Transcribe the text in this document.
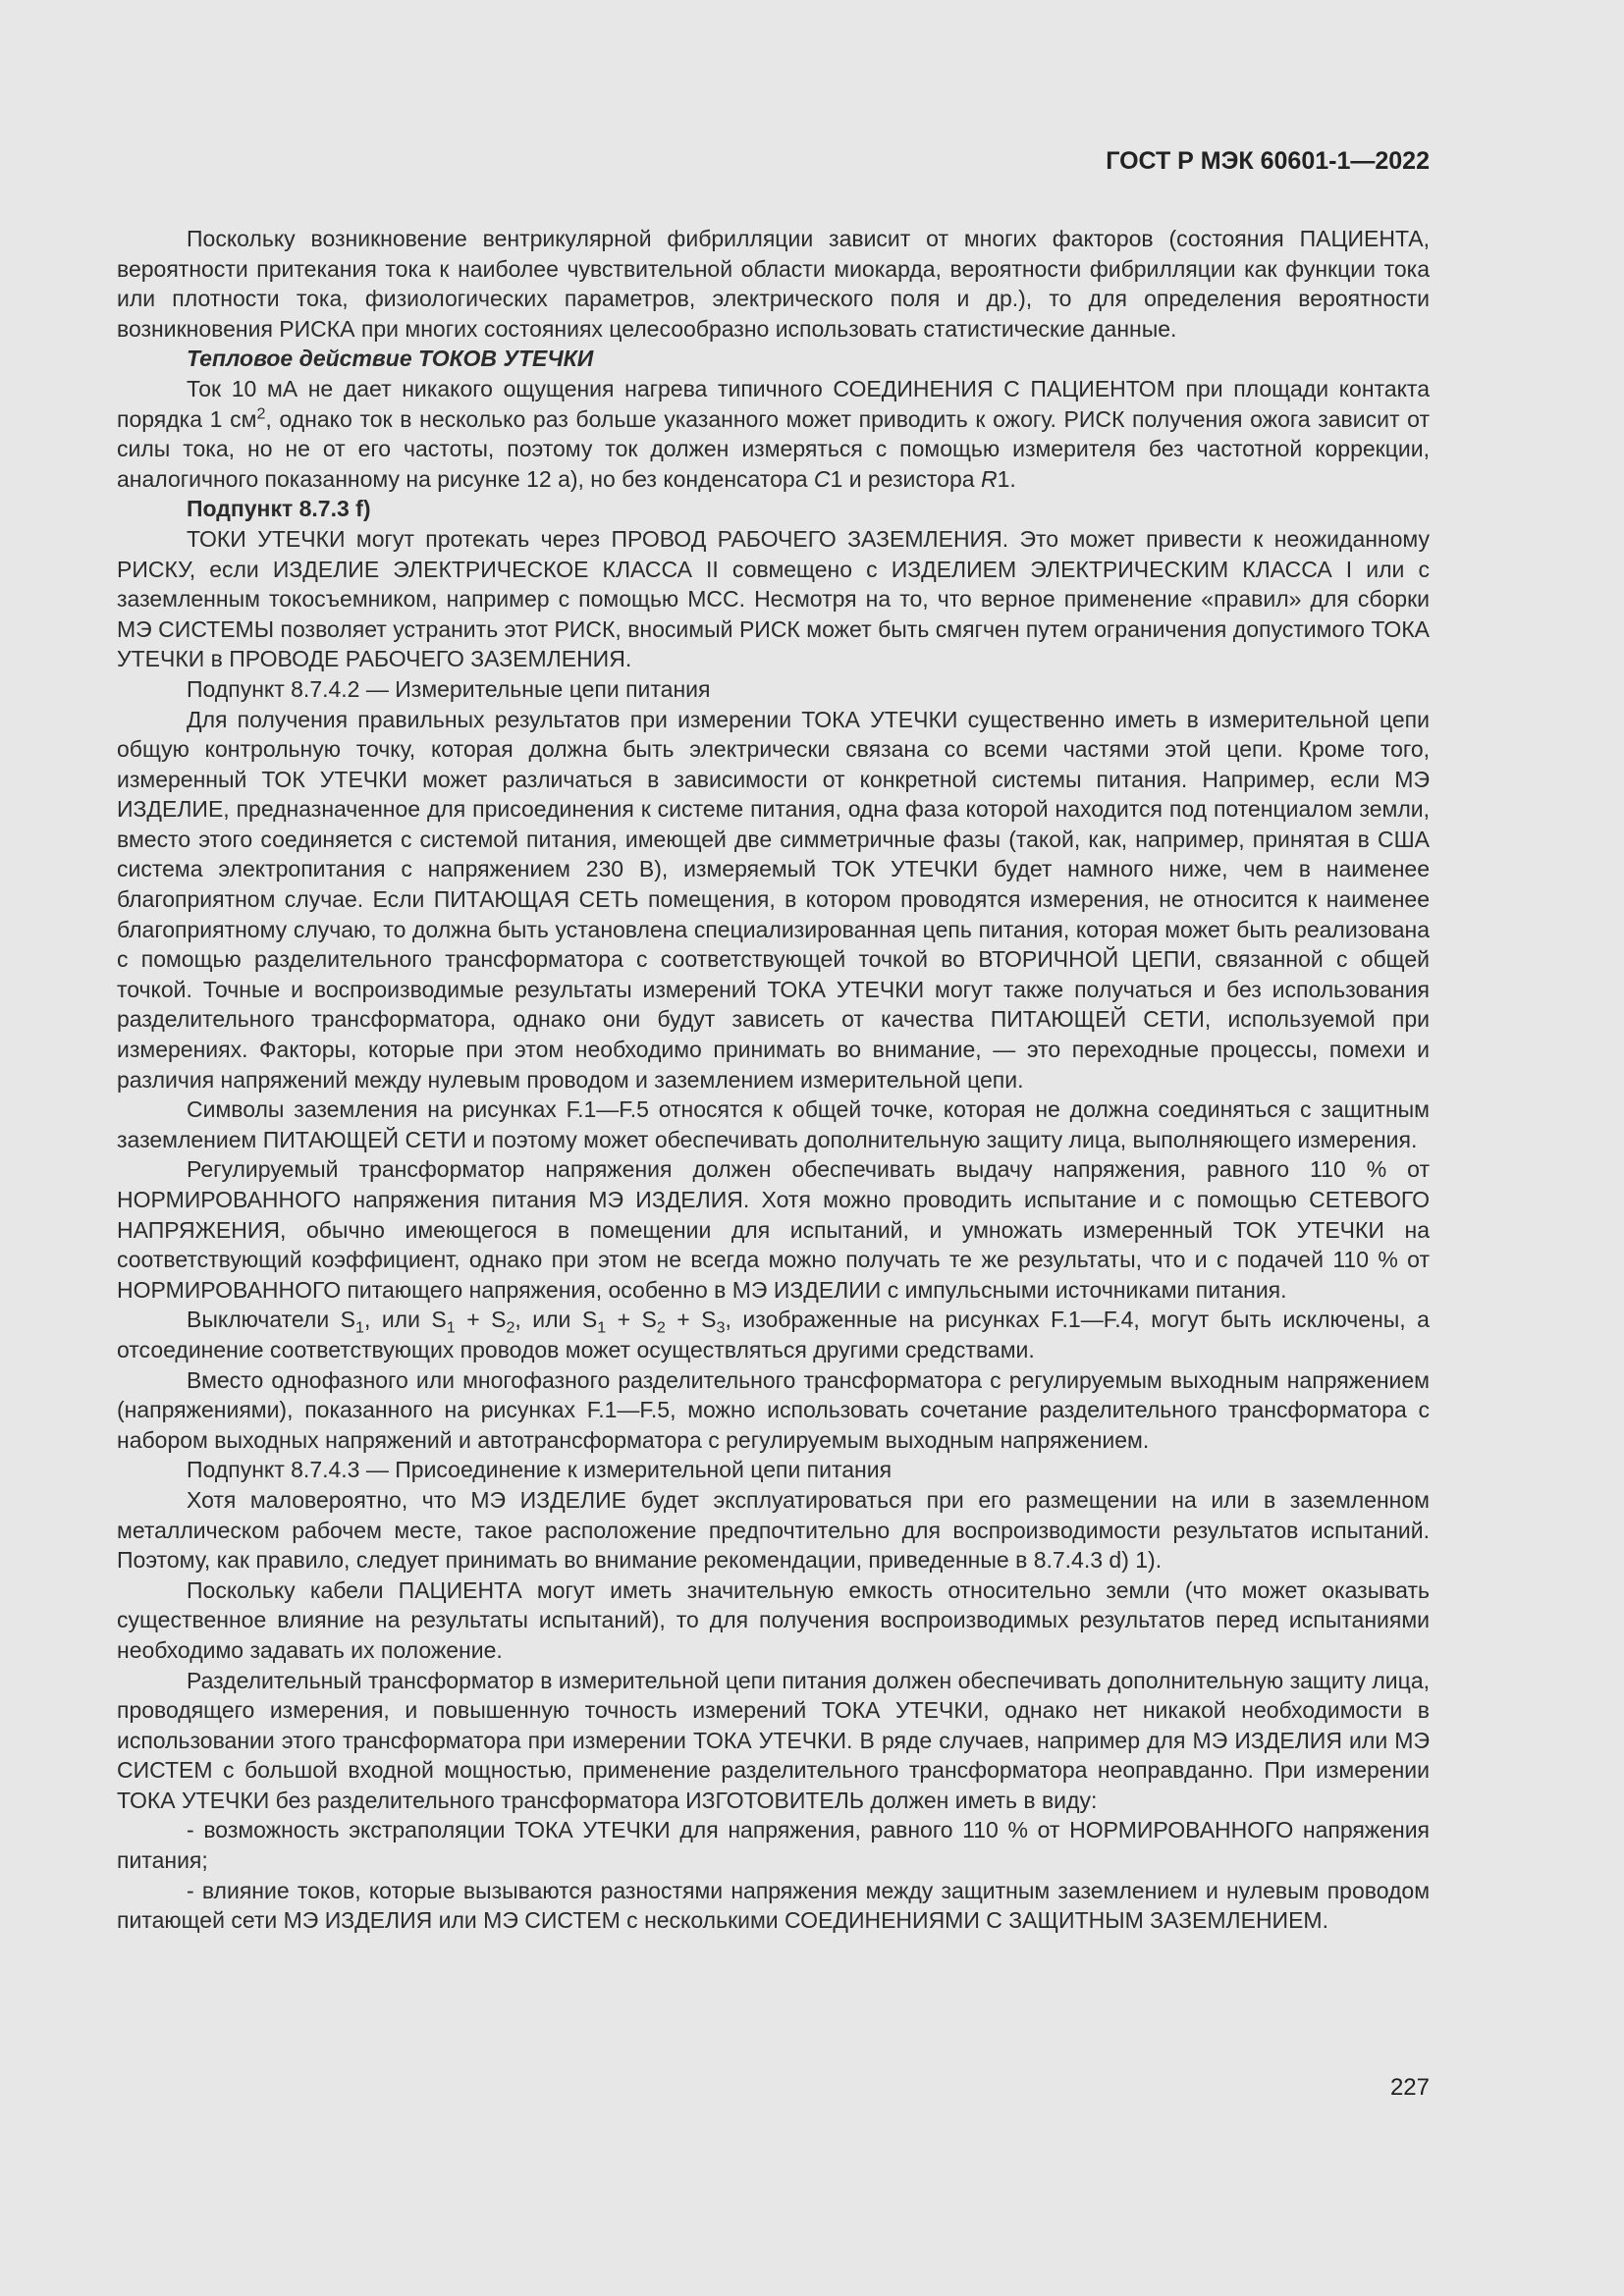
ГОСТ Р МЭК 60601-1—2022

Поскольку возникновение вентрикулярной фибрилляции зависит от многих факторов (состояния ПАЦИЕНТА, вероятности притекания тока к наиболее чувствительной области миокарда, вероятности фибрилляции как функции тока или плотности тока, физиологических параметров, электрического поля и др.), то для определения вероятности возникновения РИСКА при многих состояниях целесообразно использовать статистические данные.

Тепловое действие ТОКОВ УТЕЧКИ

Ток 10 мА не дает никакого ощущения нагрева типичного СОЕДИНЕНИЯ С ПАЦИЕНТОМ при площади контакта порядка 1 $см^2$, однако ток в несколько раз больше указанного может приводить к ожогу. РИСК получения ожога зависит от силы тока, но не от его частоты, поэтому ток должен измеряться с помощью измерителя без частотной коррекции, аналогичного показанному на рисунке 12 a), но без конденсатора С1 и резистора R1.

Подпункт 8.7.3 f)

ТОКИ УТЕЧКИ могут протекать через ПРОВОД РАБОЧЕГО ЗАЗЕМЛЕНИЯ. Это может привести к неожиданному РИСКУ, если ИЗДЕЛИЕ ЭЛЕКТРИЧЕСКОЕ КЛАССА II совмещено с ИЗДЕЛИЕМ ЭЛЕКТРИЧЕСКИМ КЛАССА I или с заземленным токосъемником, например с помощью МСС. Несмотря на то, что верное применение «правил» для сборки МЭ СИСТЕМЫ позволяет устранить этот РИСК, вносимый РИСК может быть смягчен путем ограничения допустимого ТОКА УТЕЧКИ в ПРОВОДЕ РАБОЧЕГО ЗАЗЕМЛЕНИЯ.

Подпункт 8.7.4.2 — Измерительные цепи питания

Для получения правильных результатов при измерении ТОКА УТЕЧКИ существенно иметь в измерительной цепи общую контрольную точку, которая должна быть электрически связана со всеми частями этой цепи. Кроме того, измеренный ТОК УТЕЧКИ может различаться в зависимости от конкретной системы питания. Например, если МЭ ИЗДЕЛИЕ, предназначенное для присоединения к системе питания, одна фаза которой находится под потенциалом земли, вместо этого соединяется с системой питания, имеющей две симметричные фазы (такой, как, например, принятая в США система электропитания с напряжением 230 В), измеряемый ТОК УТЕЧКИ будет намного ниже, чем в наименее благоприятном случае. Если ПИТАЮЩАЯ СЕТЬ помещения, в котором проводятся измерения, не относится к наименее благоприятному случаю, то должна быть установлена специализированная цепь питания, которая может быть реализована с помощью разделительного трансформатора с соответствующей точкой во ВТОРИЧНОЙ ЦЕПИ, связанной с общей точкой. Точные и воспроизводимые результаты измерений ТОКА УТЕЧКИ могут также получаться и без использования разделительного трансформатора, однако они будут зависеть от качества ПИТАЮЩЕЙ СЕТИ, используемой при измерениях. Факторы, которые при этом необходимо принимать во внимание, — это переходные процессы, помехи и различия напряжений между нулевым проводом и заземлением измерительной цепи.

Символы заземления на рисунках F.1—F.5 относятся к общей точке, которая не должна соединяться с защитным заземлением ПИТАЮЩЕЙ СЕТИ и поэтому может обеспечивать дополнительную защиту лица, выполняющего измерения.

Регулируемый трансформатор напряжения должен обеспечивать выдачу напряжения, равного 110 % от НОРМИРОВАННОГО напряжения питания МЭ ИЗДЕЛИЯ. Хотя можно проводить испытание и с помощью СЕТЕВОГО НАПРЯЖЕНИЯ, обычно имеющегося в помещении для испытаний, и умножать измеренный ТОК УТЕЧКИ на соответствующий коэффициент, однако при этом не всегда можно получать те же результаты, что и с подачей 110 % от НОРМИРОВАННОГО питающего напряжения, особенно в МЭ ИЗДЕЛИИ с импульсными источниками питания.

Выключатели $S_1$, или $S_1 + S_2$, или $S_1 + S_2 + S_3$, изображенные на рисунках F.1—F.4, могут быть исключены, а отсоединение соответствующих проводов может осуществляться другими средствами.

Вместо однофазного или многофазного разделительного трансформатора с регулируемым выходным напряжением (напряжениями), показанного на рисунках F.1—F.5, можно использовать сочетание разделительного трансформатора с набором выходных напряжений и автотрансформатора с регулируемым выходным напряжением.

Подпункт 8.7.4.3 — Присоединение к измерительной цепи питания

Хотя маловероятно, что МЭ ИЗДЕЛИЕ будет эксплуатироваться при его размещении на или в заземленном металлическом рабочем месте, такое расположение предпочтительно для воспроизводимости результатов испытаний. Поэтому, как правило, следует принимать во внимание рекомендации, приведенные в 8.7.4.3 d) 1).

Поскольку кабели ПАЦИЕНТА могут иметь значительную емкость относительно земли (что может оказывать существенное влияние на результаты испытаний), то для получения воспроизводимых результатов перед испытаниями необходимо задавать их положение.

Разделительный трансформатор в измерительной цепи питания должен обеспечивать дополнительную защиту лица, проводящего измерения, и повышенную точность измерений ТОКА УТЕЧКИ, однако нет никакой необходимости в использовании этого трансформатора при измерении ТОКА УТЕЧКИ. В ряде случаев, например для МЭ ИЗДЕЛИЯ или МЭ СИСТЕМ с большой входной мощностью, применение разделительного трансформатора неоправданно. При измерении ТОКА УТЕЧКИ без разделительного трансформатора ИЗГОТОВИТЕЛЬ должен иметь в виду:

- возможность экстраполяции ТОКА УТЕЧКИ для напряжения, равного 110 % от НОРМИРОВАННОГО напряжения питания;

- влияние токов, которые вызываются разностями напряжения между защитным заземлением и нулевым проводом питающей сети МЭ ИЗДЕЛИЯ или МЭ СИСТЕМ с несколькими СОЕДИНЕНИЯМИ С ЗАЩИТНЫМ ЗАЗЕМЛЕНИЕМ.

227
